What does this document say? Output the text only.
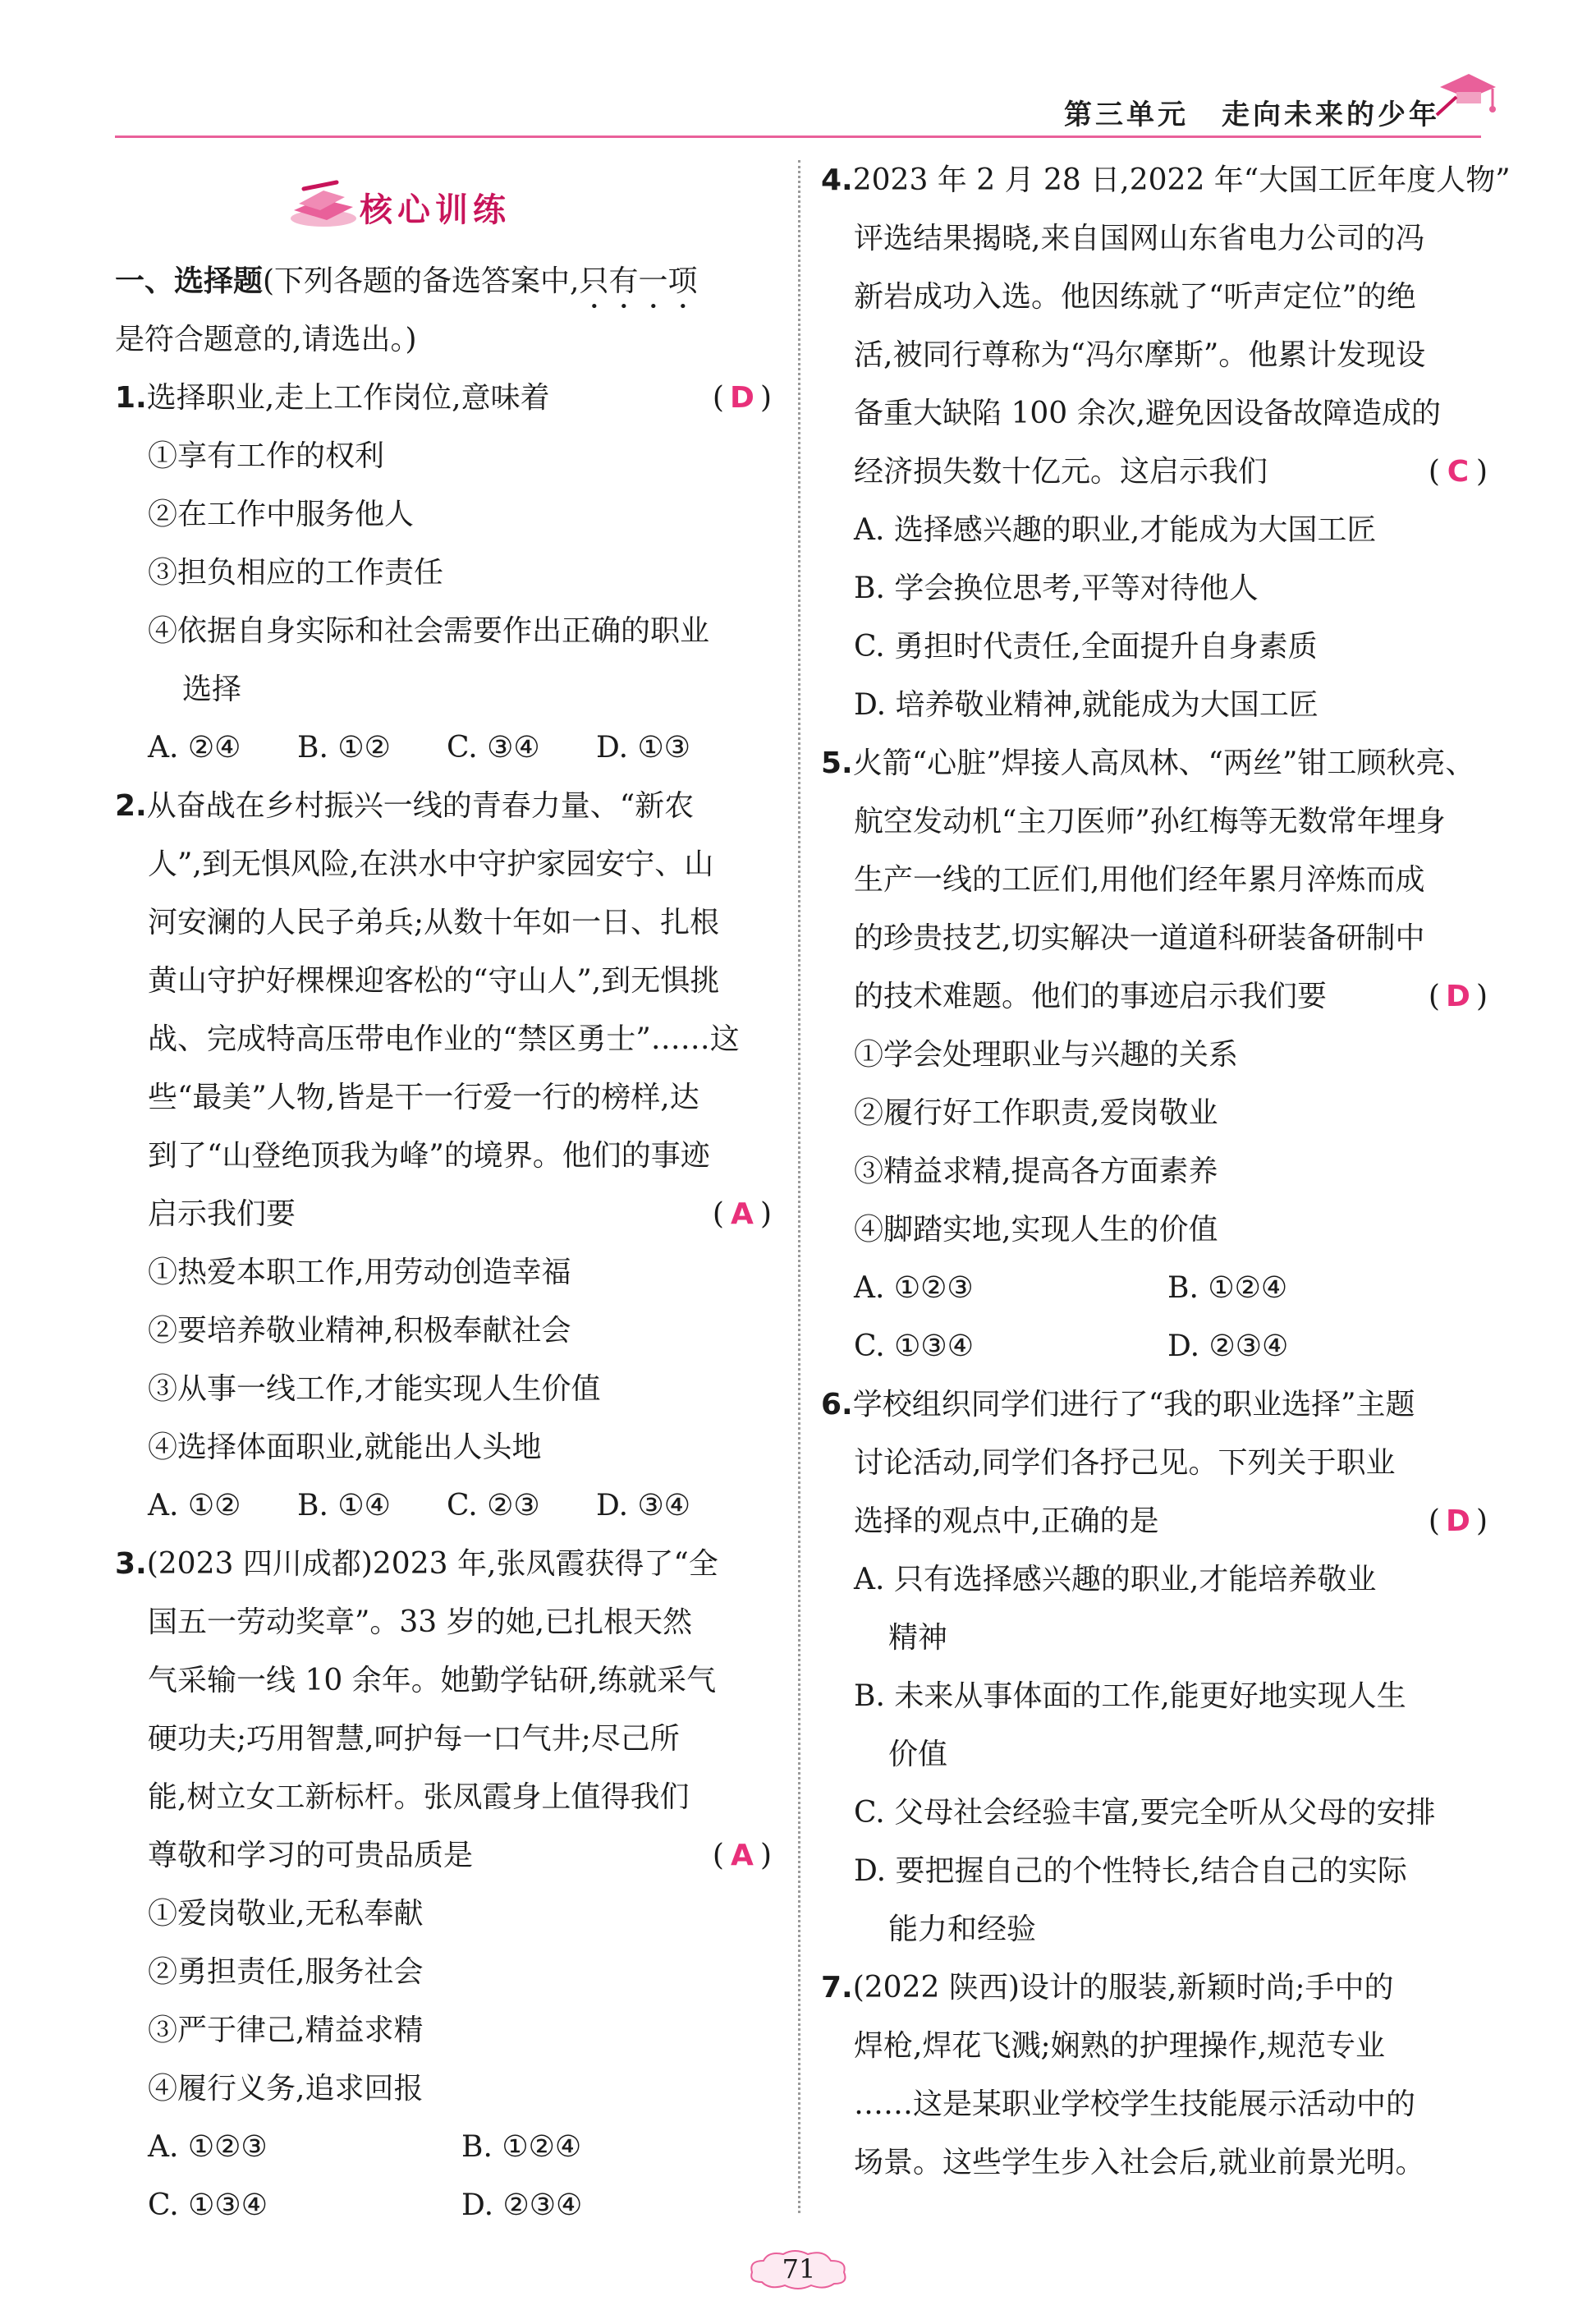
第三单元 走向未来的少年
核心训练
一、选择题(下列各题的备选答案中,只有一项
是符合题意的,请选出。)
1.选择职业,走上工作岗位,意味着	( D )
①享有工作的权利
②在工作中服务他人
③担负相应的工作责任
④依据自身实际和社会需要作出正确的职业
选择
A. ②④	B. ①②	C. ③④	D. ①③
2.从奋战在乡村振兴一线的青春力量、“新农
人”,到无惧风险,在洪水中守护家园安宁、山
河安澜的人民子弟兵;从数十年如一日、扎根
黄山守护好棵棵迎客松的“守山人”,到无惧挑
战、完成特高压带电作业的“禁区勇士”……这
些“最美”人物,皆是干一行爱一行的榜样,达
到了“山登绝顶我为峰”的境界。他们的事迹
启示我们要	( A )
①热爱本职工作,用劳动创造幸福
②要培养敬业精神,积极奉献社会
③从事一线工作,才能实现人生价值
④选择体面职业,就能出人头地
A. ①②	B. ①④	C. ②③	D. ③④
3.(2023 四川成都)2023 年,张凤霞获得了“全
国五一劳动奖章”。33 岁的她,已扎根天然
气采输一线 10 余年。她勤学钻研,练就采气
硬功夫;巧用智慧,呵护每一口气井;尽己所
能,树立女工新标杆。张凤霞身上值得我们
尊敬和学习的可贵品质是	( A )
①爱岗敬业,无私奉献
②勇担责任,服务社会
③严于律己,精益求精
④履行义务,追求回报
A. ①②③	B. ①②④
C. ①③④	D. ②③④
4.2023 年 2 月 28 日,2022 年“大国工匠年度人物”
评选结果揭晓,来自国网山东省电力公司的冯
新岩成功入选。他因练就了“听声定位”的绝
活,被同行尊称为“冯尔摩斯”。他累计发现设
备重大缺陷 100 余次,避免因设备故障造成的
经济损失数十亿元。这启示我们	( C )
A. 选择感兴趣的职业,才能成为大国工匠
B. 学会换位思考,平等对待他人
C. 勇担时代责任,全面提升自身素质
D. 培养敬业精神,就能成为大国工匠
5.火箭“心脏”焊接人高凤林、“两丝”钳工顾秋亮、
航空发动机“主刀医师”孙红梅等无数常年埋身
生产一线的工匠们,用他们经年累月淬炼而成
的珍贵技艺,切实解决一道道科研装备研制中
的技术难题。他们的事迹启示我们要	( D )
①学会处理职业与兴趣的关系
②履行好工作职责,爱岗敬业
③精益求精,提高各方面素养
④脚踏实地,实现人生的价值
A. ①②③	B. ①②④
C. ①③④	D. ②③④
6.学校组织同学们进行了“我的职业选择”主题
讨论活动,同学们各抒己见。下列关于职业
选择的观点中,正确的是	( D )
A. 只有选择感兴趣的职业,才能培养敬业
精神
B. 未来从事体面的工作,能更好地实现人生
价值
C. 父母社会经验丰富,要完全听从父母的安排
D. 要把握自己的个性特长,结合自己的实际
能力和经验
7.(2022 陕西)设计的服装,新颖时尚;手中的
焊枪,焊花飞溅;娴熟的护理操作,规范专业
……这是某职业学校学生技能展示活动中的
场景。这些学生步入社会后,就业前景光明。
71
